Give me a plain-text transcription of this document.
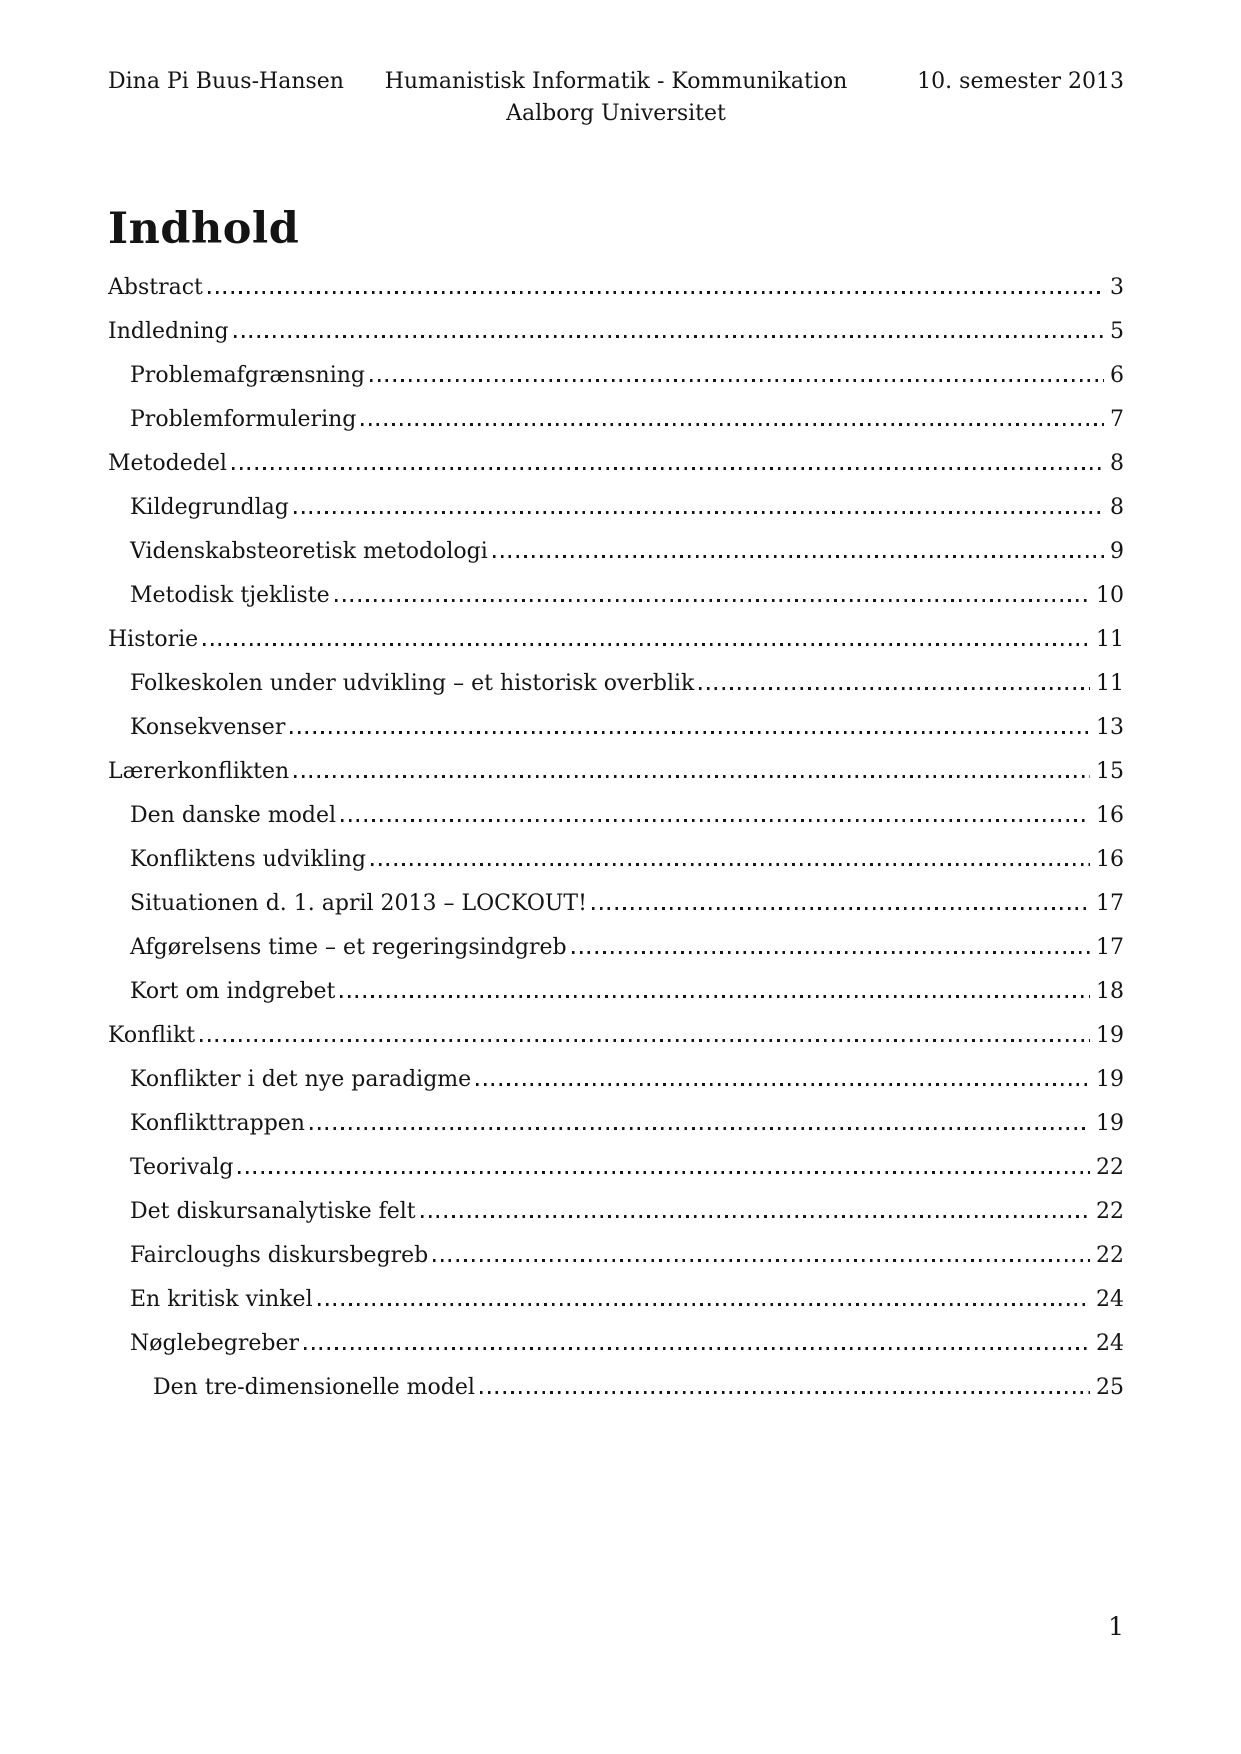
Dina Pi Buus-Hansen Humanistisk Informatik - Kommunikation	10. semester 2013
Aalborg Universitet
Indhold
Abstract	3
Indledning	5
Problemafgrænsning	6
Problemformulering	7
Metodedel	8
Kildegrundlag	8
Videnskabsteoretisk metodologi	9
Metodisk tjekliste	10
Historie	11
Folkeskolen under udvikling – et historisk overblik	11
Konsekvenser	13
Lærerkonflikten	15
Den danske model	16
Konfliktens udvikling	16
Situationen d. 1. april 2013 – LOCKOUT!	17
Afgørelsens time – et regeringsindgreb	17
Kort om indgrebet	18
Konflikt	19
Konflikter i det nye paradigme	19
Konflikttrappen	19
Teorivalg	22
Det diskursanalytiske felt	22
Faircloughs diskursbegreb	22
En kritisk vinkel	24
Nøglebegreber	24
Den tre-dimensionelle model	25
1
